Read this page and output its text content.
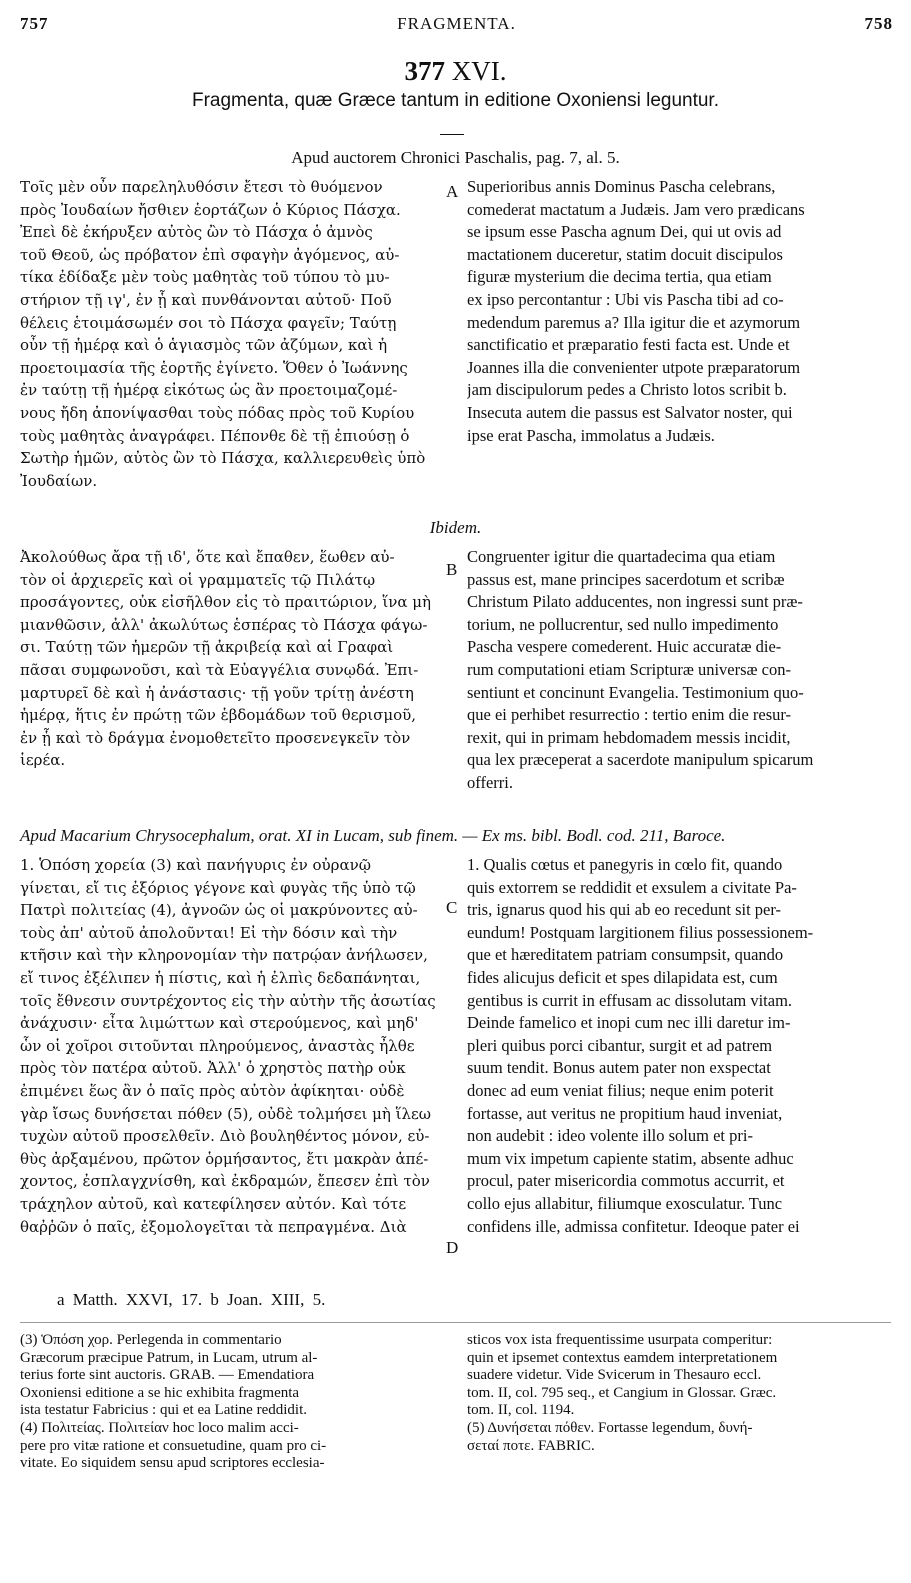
757	FRAGMENTA.	758
377 XVI.
Fragmenta, quæ Græce tantum in editione Oxoniensi leguntur.
Apud auctorem Chronici Paschalis, pag. 7, al. 5.
Τοῖς μὲν οὖν παρεληλυθόσιν ἔτεσι τὸ θυόμενον
πρὸς Ἰουδαίων ἤσθιεν ἑορτάζων ὁ Κύριος Πάσχα.
Ἐπεὶ δὲ ἐκήρυξεν αὐτὸς ὢν τὸ Πάσχα ὁ ἀμνὸς
τοῦ Θεοῦ, ὡς πρόβατον ἐπὶ σφαγὴν ἀγόμενος, αὐ-
τίκα ἐδίδαξε μὲν τοὺς μαθητὰς τοῦ τύπου τὸ μυ-
στήριον τῇ ιγ', ἐν ᾗ καὶ πυνθάνονται αὐτοῦ· Ποῦ
θέλεις ἑτοιμάσωμέν σοι τὸ Πάσχα φαγεῖν; Ταύτῃ
οὖν τῇ ἡμέρᾳ καὶ ὁ ἁγιασμὸς τῶν ἀζύμων, καὶ ἡ
προετοιμασία τῆς ἑορτῆς ἐγίνετο. Ὅθεν ὁ Ἰωάννης
ἐν ταύτῃ τῇ ἡμέρᾳ εἰκότως ὡς ἂν προετοιμαζομέ-
νους ἤδη ἀπονίψασθαι τοὺς πόδας πρὸς τοῦ Κυρίου
τοὺς μαθητὰς ἀναγράφει. Πέπονθε δὲ τῇ ἐπιούσῃ ὁ
Σωτὴρ ἡμῶν, αὐτὸς ὢν τὸ Πάσχα, καλλιερευθεὶς ὑπὸ
Ἰουδαίων.
Superioribus annis Dominus Pascha celebrans,
comederat mactatum a Judæis. Jam vero prædicans
se ipsum esse Pascha agnum Dei, qui ut ovis ad
mactationem duceretur, statim docuit discipulos
figuræ mysterium die decima tertia, qua etiam
ex ipso percontantur : Ubi vis Pascha tibi ad co-
medendum paremus a? Illa igitur die et azymorum
sanctificatio et præparatio festi facta est. Unde et
Joannes illa die convenienter utpote præparatorum
jam discipulorum pedes a Christo lotos scribit b.
Insecuta autem die passus est Salvator noster, qui
ipse erat Pascha, immolatus a Judæis.
A
Ibidem.
Ἀκολούθως ἄρα τῇ ιδ', ὅτε καὶ ἔπαθεν, ἕωθεν αὐ-
τὸν οἱ ἀρχιερεῖς καὶ οἱ γραμματεῖς τῷ Πιλάτῳ
προσάγοντες, οὐκ εἰσῆλθον εἰς τὸ πραιτώριον, ἵνα μὴ
μιανθῶσιν, ἀλλ' ἀκωλύτως ἑσπέρας τὸ Πάσχα φάγω-
σι. Ταύτῃ τῶν ἡμερῶν τῇ ἀκριβείᾳ καὶ αἱ Γραφαὶ
πᾶσαι συμφωνοῦσι, καὶ τὰ Εὐαγγέλια συνῳδά. Ἐπι-
μαρτυρεῖ δὲ καὶ ἡ ἀνάστασις· τῇ γοῦν τρίτῃ ἀνέστη
ἡμέρᾳ, ἥτις ἐν πρώτῃ τῶν ἑβδομάδων τοῦ θερισμοῦ,
ἐν ᾗ καὶ τὸ δράγμα ἐνομοθετεῖτο προσενεγκεῖν τὸν
ἱερέα.
Congruenter igitur die quartadecima qua etiam
passus est, mane principes sacerdotum et scribæ
Christum Pilato adducentes, non ingressi sunt præ-
torium, ne pollucrentur, sed nullo impedimento
Pascha vespere comederent. Huic accuratæ die-
rum computationi etiam Scripturæ universæ con-
sentiunt et concinunt Evangelia. Testimonium quo-
que ei perhibet resurrectio : tertio enim die resur-
rexit, qui in primam hebdomadem messis incidit,
qua lex præceperat a sacerdote manipulum spicarum
offerri.
B
Apud Macarium Chrysocephalum, orat. XI in Lucam, sub finem. — Ex ms. bibl. Bodl. cod. 211, Baroce.
1. Ὁπόση χορεία (3) καὶ πανήγυρις ἐν οὐρανῷ
γίνεται, εἴ τις ἐξόριος γέγονε καὶ φυγὰς τῆς ὑπὸ τῷ
Πατρὶ πολιτείας (4), ἀγνοῶν ὡς οἱ μακρύνοντες αὐ-
τοὺς ἀπ' αὐτοῦ ἀπολοῦνται! Εἰ τὴν δόσιν καὶ τὴν
κτῆσιν καὶ τὴν κληρονομίαν τὴν πατρῴαν ἀνήλωσεν,
εἴ τινος ἐξέλιπεν ἡ πίστις, καὶ ἡ ἐλπὶς δεδαπάνηται,
τοῖς ἔθνεσιν συντρέχοντος εἰς τὴν αὐτὴν τῆς ἀσωτίας
ἀνάχυσιν· εἶτα λιμώττων καὶ στερούμενος, καὶ μηδ'
ὧν οἱ χοῖροι σιτοῦνται πληρούμενος, ἀναστὰς ἦλθε
πρὸς τὸν πατέρα αὐτοῦ. Ἀλλ' ὁ χρηστὸς πατὴρ οὐκ
ἐπιμένει ἕως ἂν ὁ παῖς πρὸς αὐτὸν ἀφίκηται· οὐδὲ
γὰρ ἴσως δυνήσεται πόθεν (5), οὐδὲ τολμήσει μὴ ἵλεω
τυχὼν αὐτοῦ προσελθεῖν. Διὸ βουληθέντος μόνον, εὐ-
θὺς ἀρξαμένου, πρῶτον ὁρμήσαντος, ἔτι μακρὰν ἀπέ-
χοντος, ἐσπλαγχνίσθη, καὶ ἐκδραμών, ἔπεσεν ἐπὶ τὸν
τράχηλον αὐτοῦ, καὶ κατεφίλησεν αὐτόν. Καὶ τότε
θαῤῥῶν ὁ παῖς, ἐξομολογεῖται τὰ πεπραγμένα. Διὰ
1. Qualis cœtus et panegyris in cœlo fit, quando
quis extorrem se reddidit et exsulem a civitate Pa-
tris, ignarus quod his qui ab eo recedunt sit per-
eundum! Postquam largitionem filius possessionem-
que et hæreditatem patriam consumpsit, quando
fides alicujus deficit et spes dilapidata est, cum
gentibus is currit in effusam ac dissolutam vitam.
Deinde famelico et inopi cum nec illi daretur im-
pleri quibus porci cibantur, surgit et ad patrem
suum tendit. Bonus autem pater non exspectat
donec ad eum veniat filius; neque enim poterit
fortasse, aut veritus ne propitium haud inveniat,
non audebit : ideo volente illo solum et pri-
mum vix impetum capiente statim, absente adhuc
procul, pater misericordia commotus accurrit, et
collo ejus allabitur, filiumque exosculatur. Tunc
confidens ille, admissa confitetur. Ideoque pater ei
C
D
a Matth. XXVI, 17. b Joan. XIII, 5.
(3) Ὁπόση χορ. Perlegenda in commentario
Græcorum præcipue Patrum, in Lucam, utrum al-
terius forte sint auctoris. GRAB. — Emendatiora
Oxoniensi editione a se hic exhibita fragmenta
ista testatur Fabricius : qui et ea Latine reddidit.
(4) Πολιτείας. Πολιτείαν hoc loco malim acci-
pere pro vitæ ratione et consuetudine, quam pro ci-
vitate. Eo siquidem sensu apud scriptores ecclesia-
sticos vox ista frequentissime usurpata comperitur:
quin et ipsemet contextus eamdem interpretationem
suadere videtur. Vide Svicerum in Thesauro eccl.
tom. II, col. 795 seq., et Cangium in Glossar. Græc.
tom. II, col. 1194.
(5) Δυνήσεται πόθεν. Fortasse legendum, δυνή-
σεταί ποτε. FABRIC.
